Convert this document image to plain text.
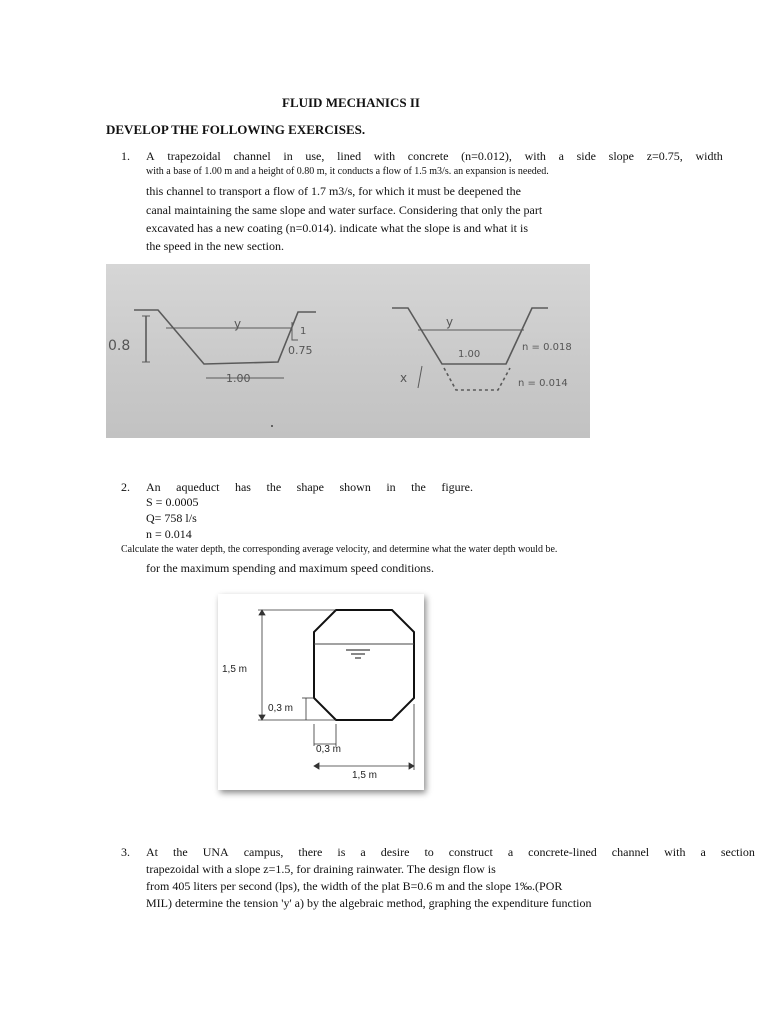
FLUID MECHANICS II
DEVELOP THE FOLLOWING EXERCISES.
1. A trapezoidal channel in use, lined with concrete (n=0.012), with a side slope z=0.75, width
with a base of 1.00 m and a height of 0.80 m, it conducts a flow of 1.5 m3/s. an expansion is needed.
this channel to transport a flow of 1.7 m3/s, for which it must be deepened the
canal maintaining the same slope and water surface. Considering that only the part
excavated has a new coating (n=0.014). indicate what the slope is and what it is
the speed in the new section.
0.8
1.00
1
0.75
y	y
1.00
n = 0.018
n = 0.014
x
2. An aqueduct has the shape shown in the figure.
S = 0.0005
Q= 758 l/s
n = 0.014
Calculate the water depth, the corresponding average velocity, and determine what the water depth would be.
for the maximum spending and maximum speed conditions.
1,5 m
0,3 m
0,3 m
1,5 m
3. At the UNA campus, there is a desire to construct a concrete-lined channel with a section
trapezoidal with a slope z=1.5, for draining rainwater. The design flow is
from 405 liters per second (lps), the width of the plat B=0.6 m and the slope 1‰.(POR
MIL) determine the tension 'y' a) by the algebraic method, graphing the expenditure function
